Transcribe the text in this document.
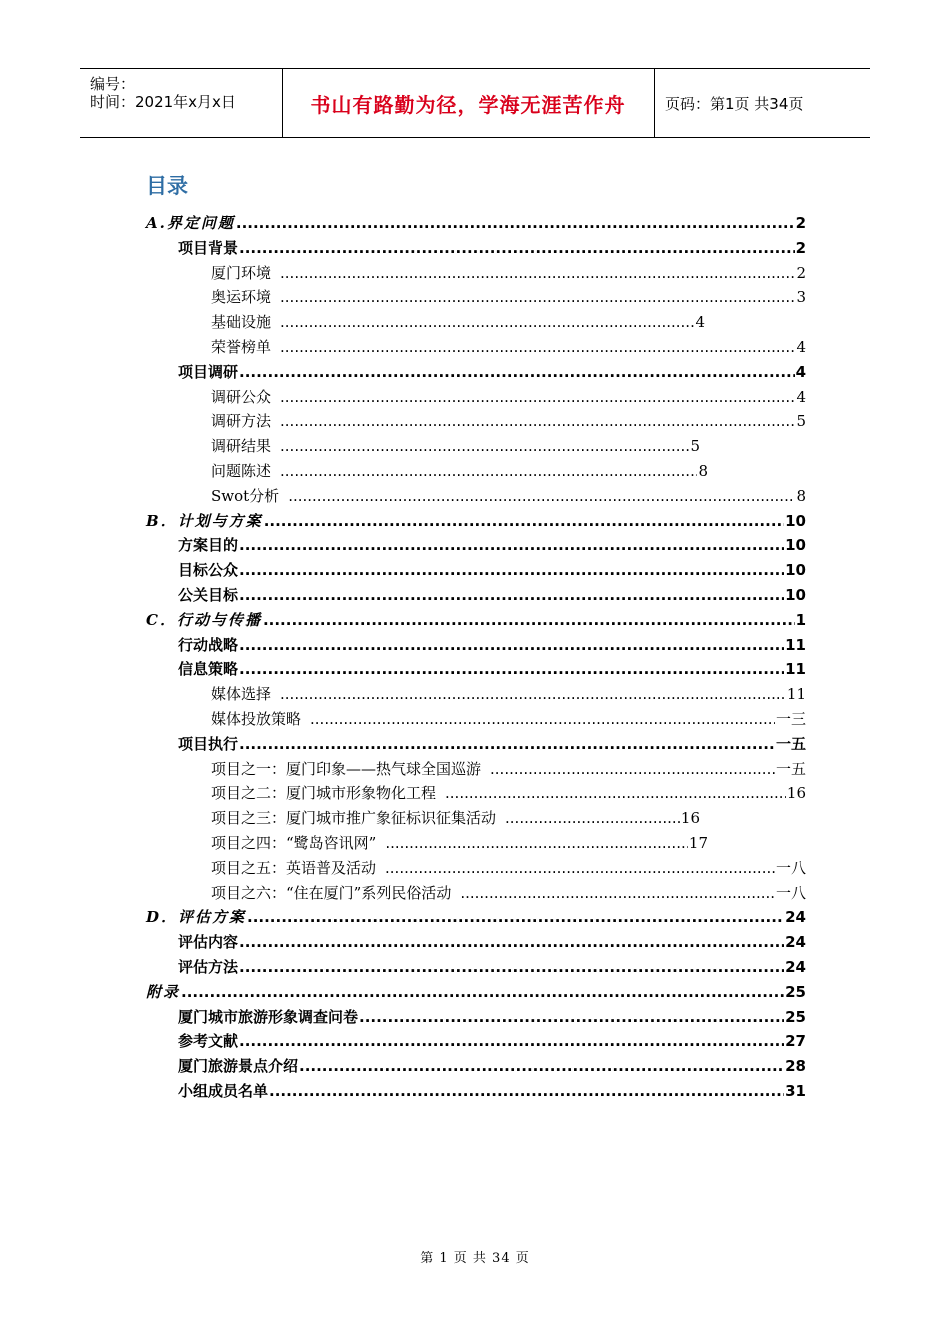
编号：
时间：2021年x月x日	书山有路勤为径，学海无涯苦作舟	页码：第1页 共34页
目录
A.界定问题 .....	2
项目背景 .....	2
厦门环境 .....	2
奥运环境 .....	3
基础设施 .....	4
荣誉榜单 .....	4
项目调研 .....	4
调研公众 .....	4
调研方法 .....	5
调研结果 .....	5
问题陈述 .....	8
Swot分析 .....	8
B．计划与方案 .....	10
方案目的 .....	10
目标公众 .....	10
公关目标 .....	10
C．行动与传播 .....	1
行动战略 .....	11
信息策略 .....	11
媒体选择 .....	11
媒体投放策略 .....	一三
项目执行 .....	一五
项目之一：厦门印象——热气球全国巡游 .....	一五
项目之二：厦门城市形象物化工程 .....	16
项目之三：厦门城市推广象征标识征集活动 .....	16
项目之四：“鹭岛咨讯网” .....	17
项目之五：英语普及活动 .....	一八
项目之六：“住在厦门”系列民俗活动 .....	一八
D．评估方案 .....	24
评估内容 .....	24
评估方法 .....	24
附录 .....	25
厦门城市旅游形象调查问卷 .....	25
参考文献 .....	27
厦门旅游景点介绍 .....	28
小组成员名单 .....	31
第 1 页 共 34 页
